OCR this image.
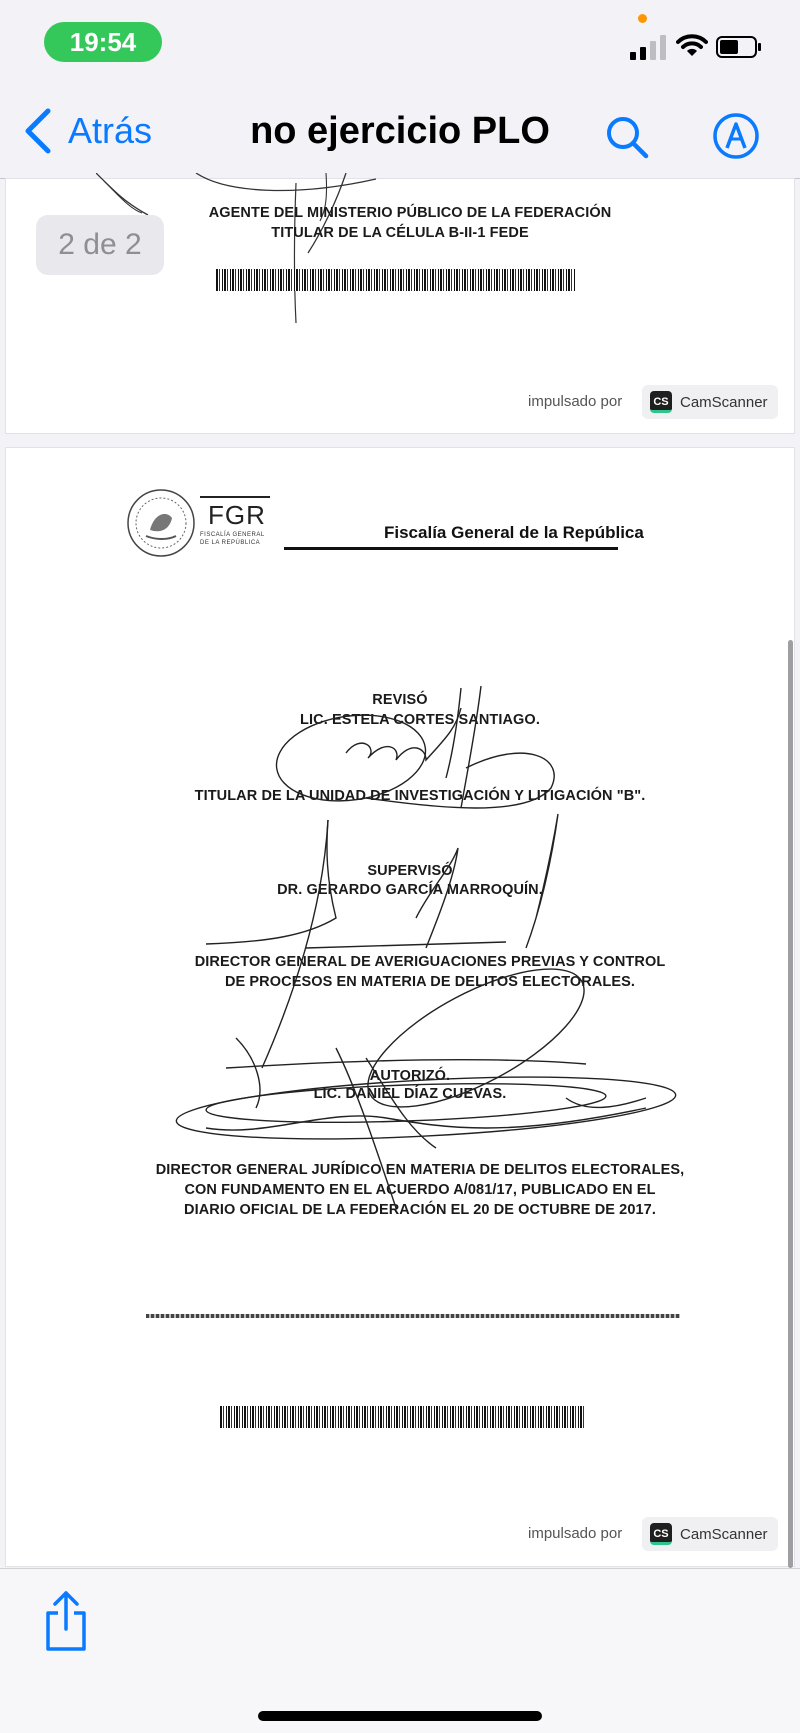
19:54
Atrás	no ejercicio PLO
AGENTE DEL MINISTERIO PÚBLICO DE LA FEDERACIÓN
TITULAR DE LA CÉLULA B-II-1 FEDE
impulsado por	CS CamScanner
2 de 2
FGR
FISCALÍA GENERAL
DE LA REPÚBLICA
Fiscalía General de la República
REVISÓ
LIC. ESTELA CORTES SANTIAGO.
TITULAR DE LA UNIDAD DE INVESTIGACIÓN Y LITIGACIÓN "B".
SUPERVISÓ
DR. GERARDO GARCÍA MARROQUÍN.
DIRECTOR GENERAL DE AVERIGUACIONES PREVIAS Y CONTROL
DE PROCESOS EN MATERIA DE DELITOS ELECTORALES.
AUTORIZÓ.
LIC. DANIEL DÍAZ CUEVAS.
DIRECTOR GENERAL JURÍDICO EN MATERIA DE DELITOS ELECTORALES,
CON FUNDAMENTO EN EL ACUERDO A/081/17, PUBLICADO EN EL
DIARIO OFICIAL DE LA FEDERACIÓN EL 20 DE OCTUBRE DE 2017.
impulsado por	CS CamScanner
